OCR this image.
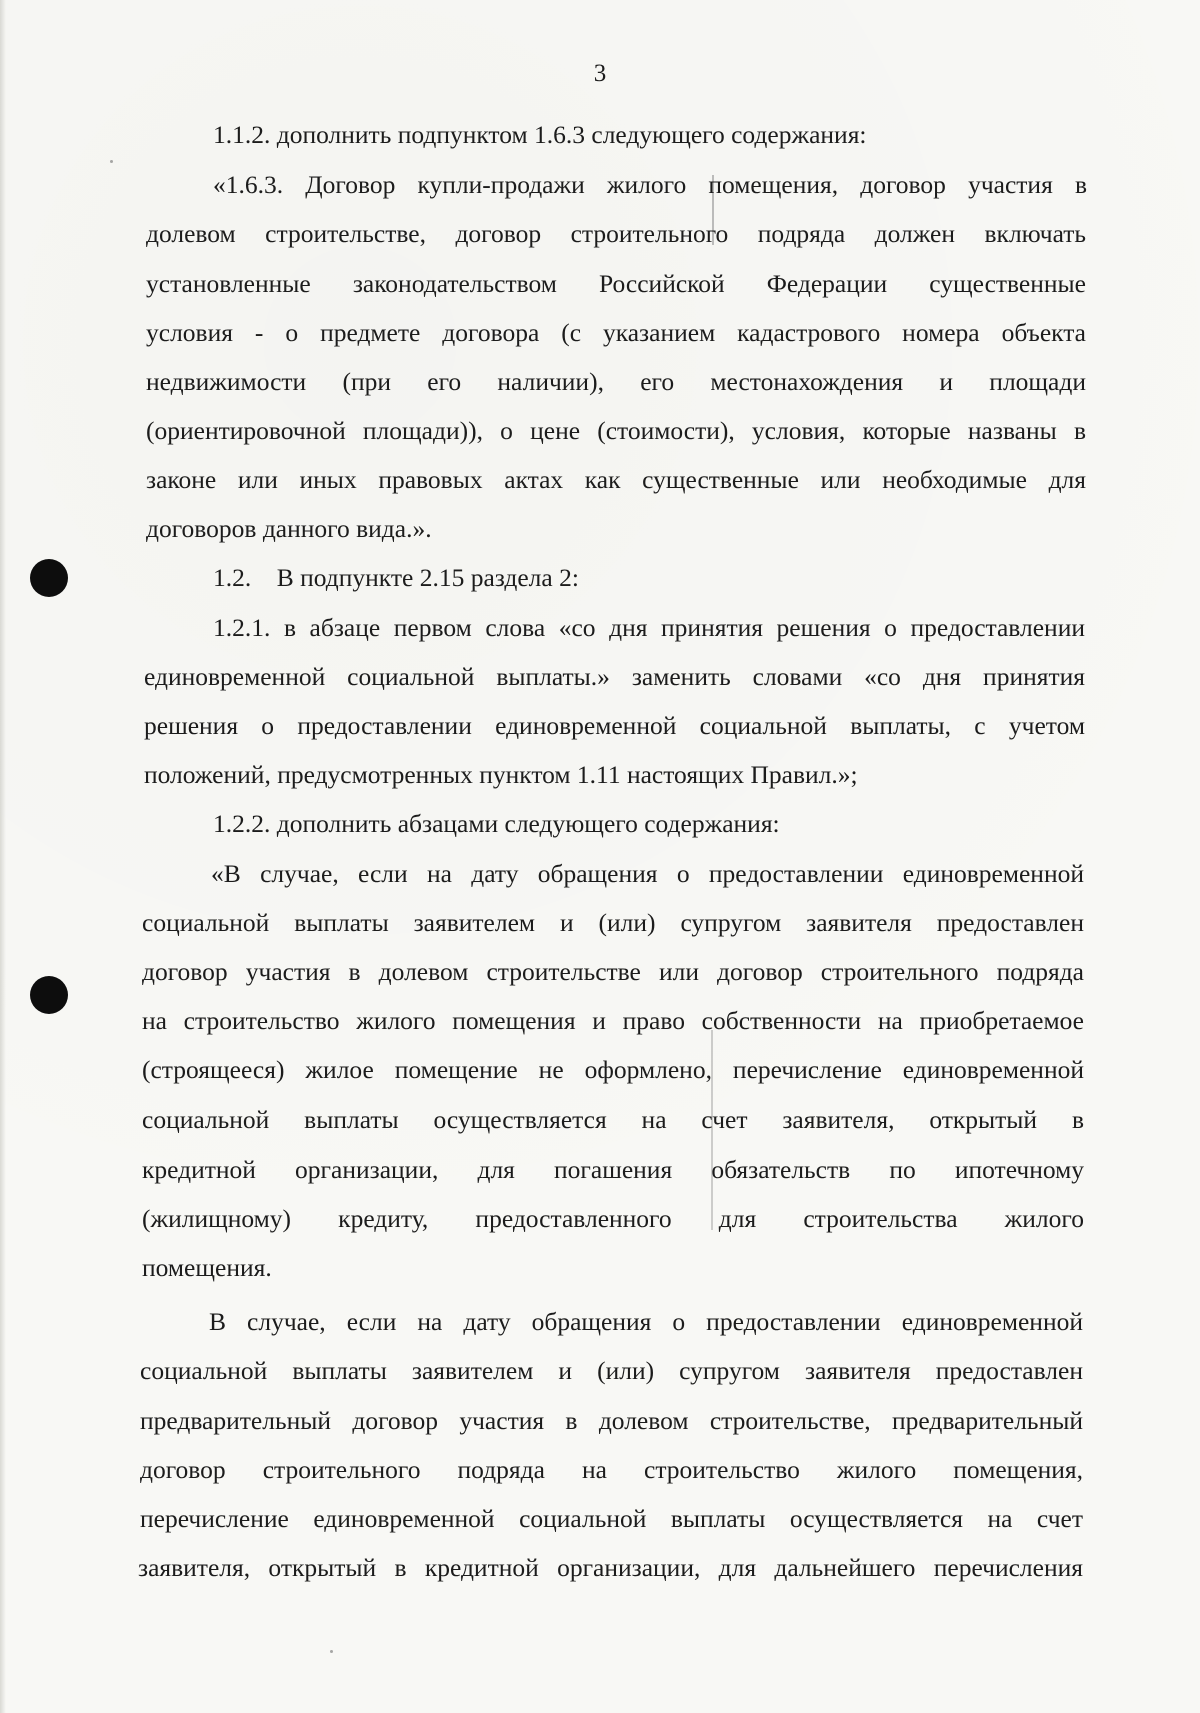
3
1.1.2. дополнить подпунктом 1.6.3 следующего содержания:
«1.6.3. Договор купли-продажи жилого помещения, договор участия в
долевом строительстве, договор строительного подряда должен включать
установленные законодательством Российской Федерации существенные
условия - о предмете договора (с указанием кадастрового номера объекта
недвижимости (при его наличии), его местонахождения и площади
(ориентировочной площади)), о цене (стоимости), условия, которые названы в
законе или иных правовых актах как существенные или необходимые для
договоров данного вида.».
1.2.    В подпункте 2.15 раздела 2:
1.2.1. в абзаце первом слова «со дня принятия решения о предоставлении
единовременной социальной выплаты.» заменить словами «со дня принятия
решения о предоставлении единовременной социальной выплаты, с учетом
положений, предусмотренных пунктом 1.11 настоящих Правил.»;
1.2.2. дополнить абзацами следующего содержания:
«В случае, если на дату обращения о предоставлении единовременной
социальной выплаты заявителем и (или) супругом заявителя предоставлен
договор участия в долевом строительстве или договор строительного подряда
на строительство жилого помещения и право собственности на приобретаемое
(строящееся) жилое помещение не оформлено, перечисление единовременной
социальной выплаты осуществляется на счет заявителя, открытый в
кредитной организации, для погашения обязательств по ипотечному
(жилищному) кредиту, предоставленного для строительства жилого
помещения.
В случае, если на дату обращения о предоставлении единовременной
социальной выплаты заявителем и (или) супругом заявителя предоставлен
предварительный договор участия в долевом строительстве, предварительный
договор строительного подряда на строительство жилого помещения,
перечисление единовременной социальной выплаты осуществляется на счет
заявителя, открытый в кредитной организации, для дальнейшего перечисления
